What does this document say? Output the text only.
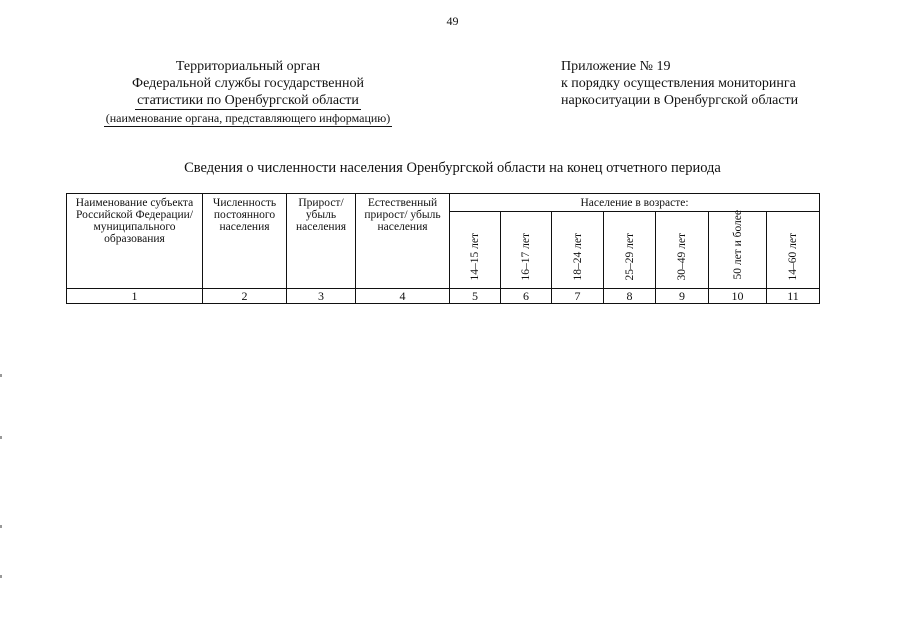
49
Территориальный орган
Федеральной службы государственной
статистики по Оренбургской области
(наименование органа, представляющего информацию)
Приложение № 19
к порядку осуществления мониторинга
наркоситуации в Оренбургской области
Сведения о численности населения Оренбургской области на конец отчетного периода
Наименование субъекта Российской Федерации/ муниципального образования	Численность постоянного населения	Прирост/ убыль населения	Естественный прирост/ убыль населения	Население в возрасте:						

				14–15 лет	16–17 лет	18–24 лет	25–29 лет	30–49 лет	50 лет и более	14–60 лет

1	2	3	4	5	6	7	8	9	10	11
